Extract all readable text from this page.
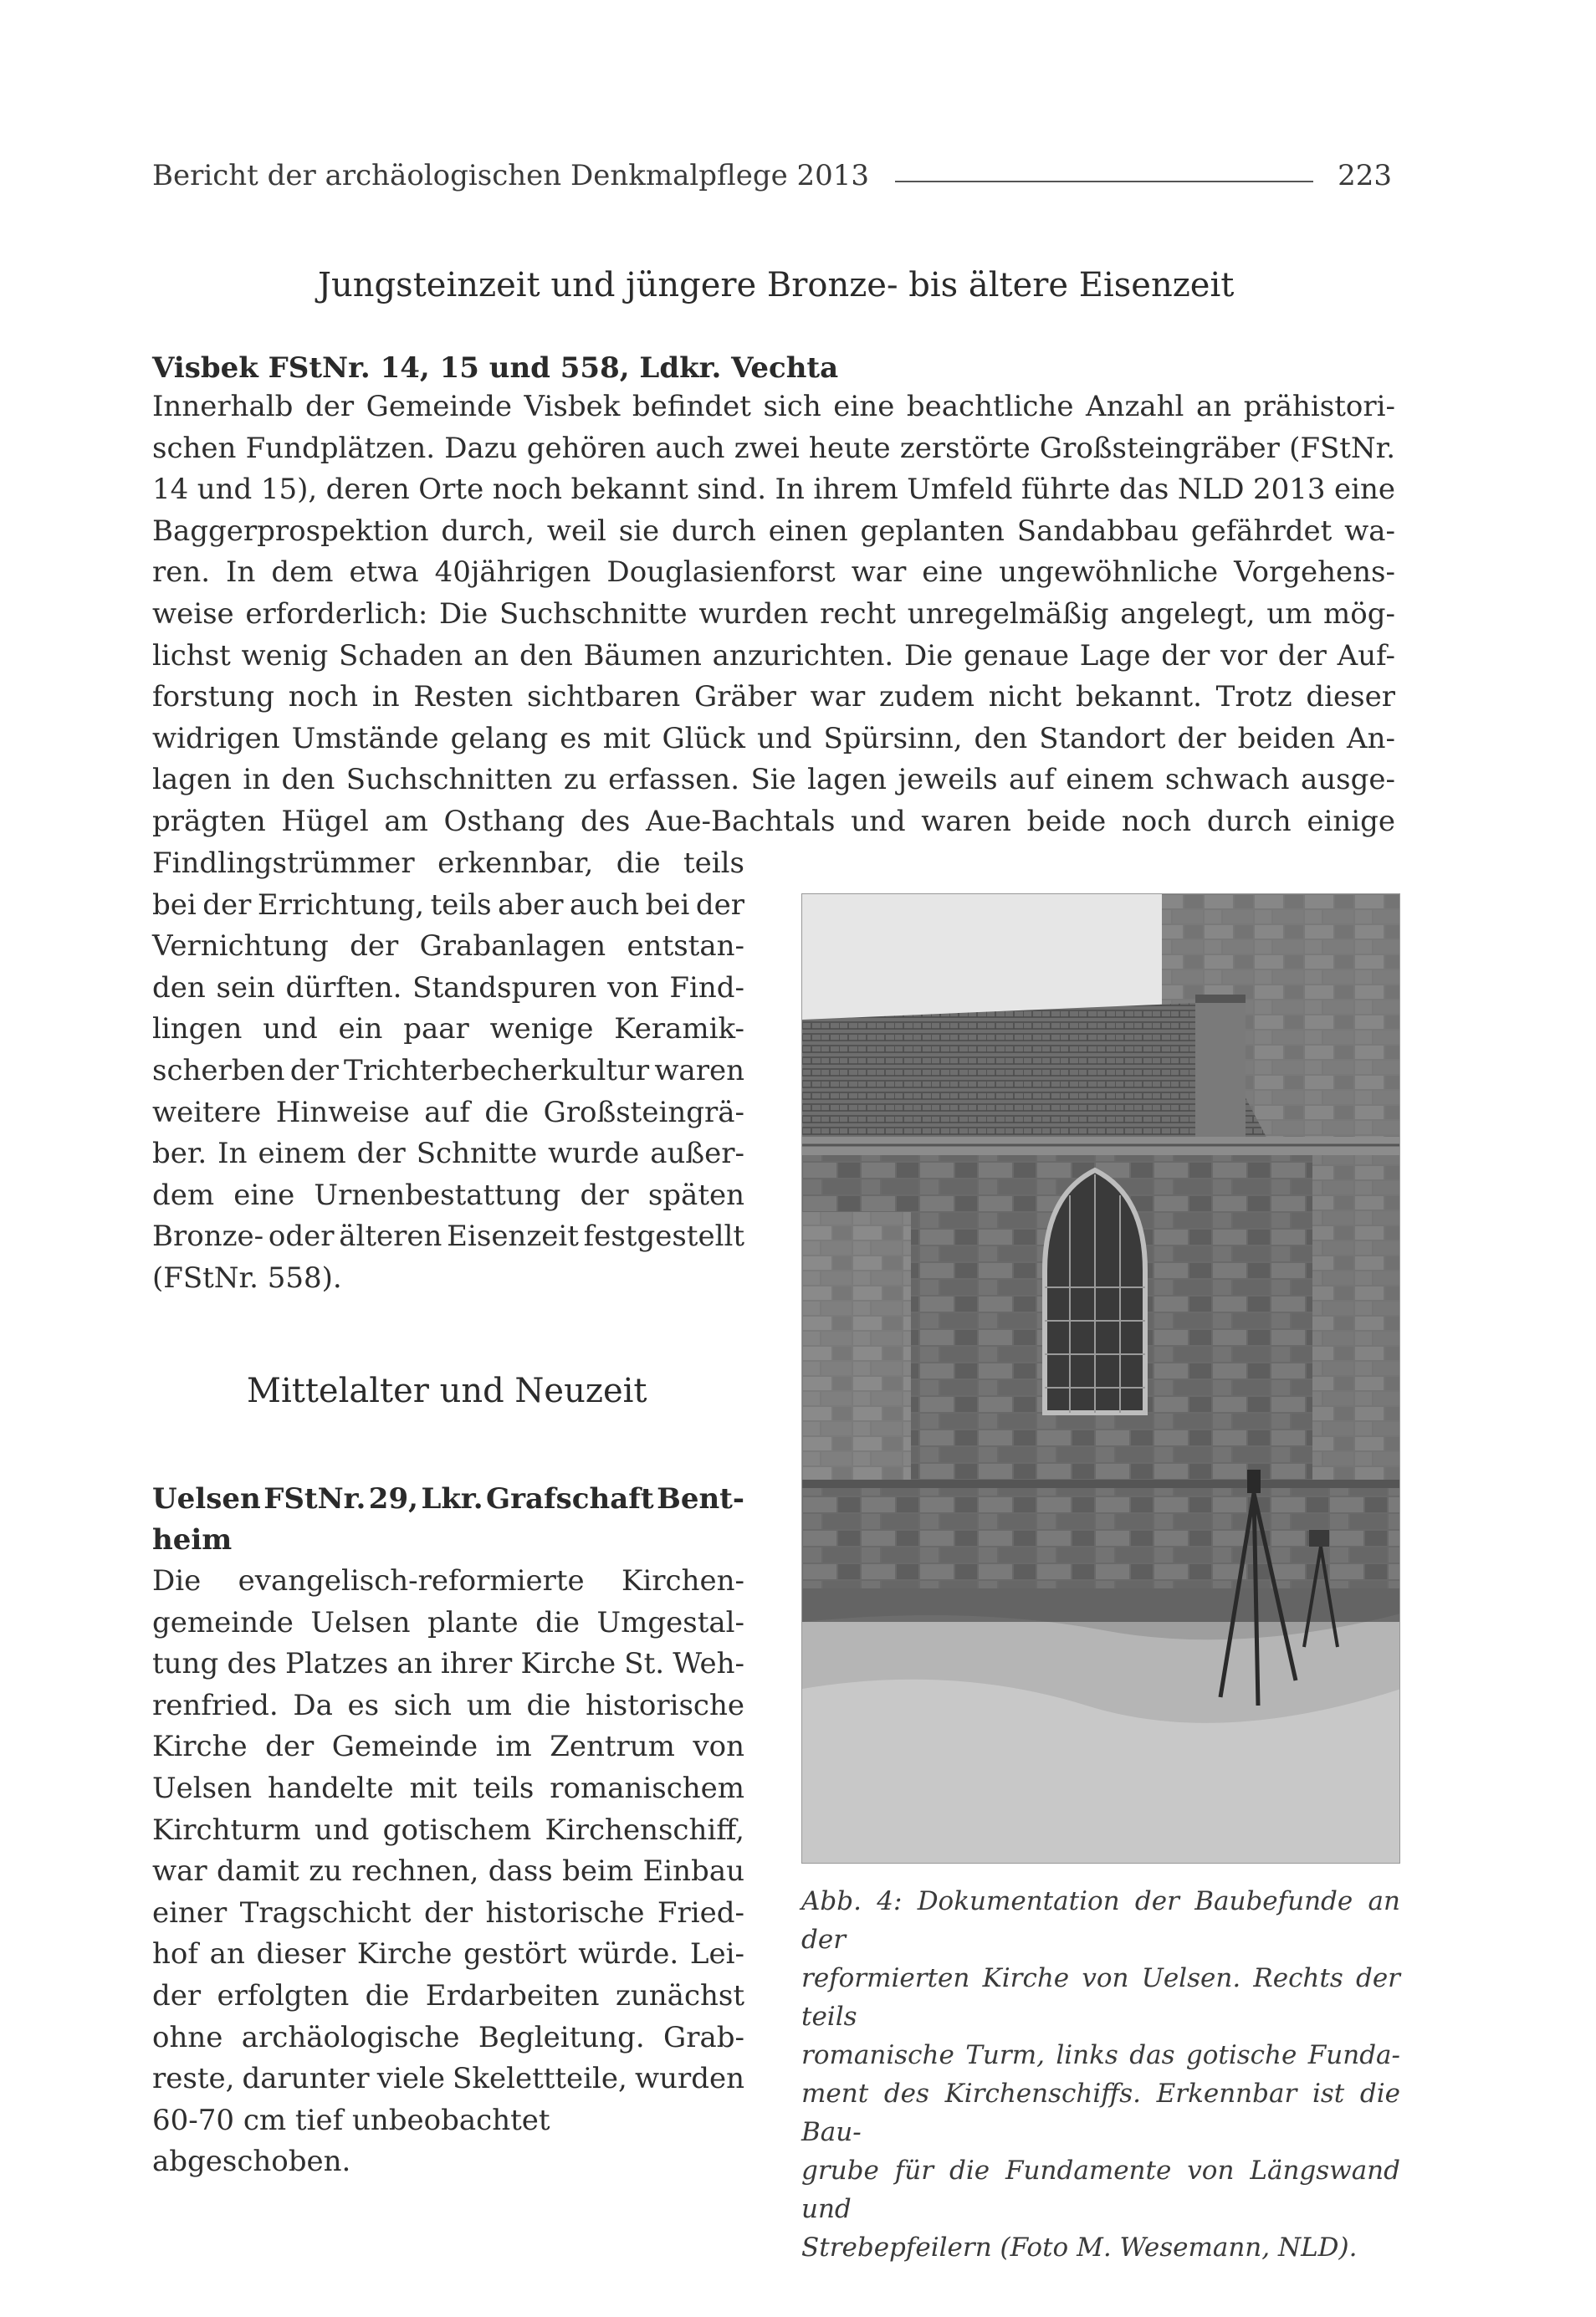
Bericht der archäologischen Denkmalpflege 2013	223
Jungsteinzeit und jüngere Bronze- bis ältere Eisenzeit
Visbek FStNr. 14, 15 und 558, Ldkr. Vechta

Innerhalb der Gemeinde Visbek befindet sich eine beachtliche Anzahl an prähistori-

schen Fundplätzen. Dazu gehören auch zwei heute zerstörte Großsteingräber (FStNr.

14 und 15), deren Orte noch bekannt sind. In ihrem Umfeld führte das NLD 2013 eine

Baggerprospektion durch, weil sie durch einen geplanten Sandabbau gefährdet wa-

ren. In dem etwa 40jährigen Douglasienforst war eine ungewöhnliche Vorgehens-

weise erforderlich: Die Suchschnitte wurden recht unregelmäßig angelegt, um mög-

lichst wenig Schaden an den Bäumen anzurichten. Die genaue Lage der vor der Auf-

forstung noch in Resten sichtbaren Gräber war zudem nicht bekannt. Trotz dieser

widrigen Umstände gelang es mit Glück und Spürsinn, den Standort der beiden An-

lagen in den Suchschnitten zu erfassen. Sie lagen jeweils auf einem schwach ausge-

prägten Hügel am Osthang des Aue-Bachtals und waren beide noch durch einige

Findlingstrümmer erkennbar, die teils

bei der Errichtung, teils aber auch bei der

Vernichtung der Grabanlagen entstan-

den sein dürften. Standspuren von Find-

lingen und ein paar wenige Keramik-

scherben der Trichterbecherkultur waren

weitere Hinweise auf die Großsteingrä-

ber. In einem der Schnitte wurde außer-

dem eine Urnenbestattung der späten

Bronze- oder älteren Eisenzeit festgestellt

(FStNr. 558).

Mittelalter und Neuzeit
Uelsen FStNr. 29, Lkr. Grafschaft Bent-
heim

Die evangelisch-reformierte Kirchen-

gemeinde Uelsen plante die Umgestal-

tung des Platzes an ihrer Kirche St. Weh-

renfried. Da es sich um die historische

Kirche der Gemeinde im Zentrum von

Uelsen handelte mit teils romanischem

Kirchturm und gotischem Kirchenschiff,

war damit zu rechnen, dass beim Einbau

einer Tragschicht der historische Fried-

hof an dieser Kirche gestört würde. Lei-

der erfolgten die Erdarbeiten zunächst

ohne archäologische Begleitung. Grab-

reste, darunter viele Skelettteile, wurden

60-70 cm tief unbeobachtet abgeschoben.

Abb. 4: Dokumentation der Baubefunde an der

reformierten Kirche von Uelsen. Rechts der teils

romanische Turm, links das gotische Funda-

ment des Kirchenschiffs. Erkennbar ist die Bau-

grube für die Fundamente von Längswand und

Strebepfeilern (Foto M. Wesemann, NLD).
